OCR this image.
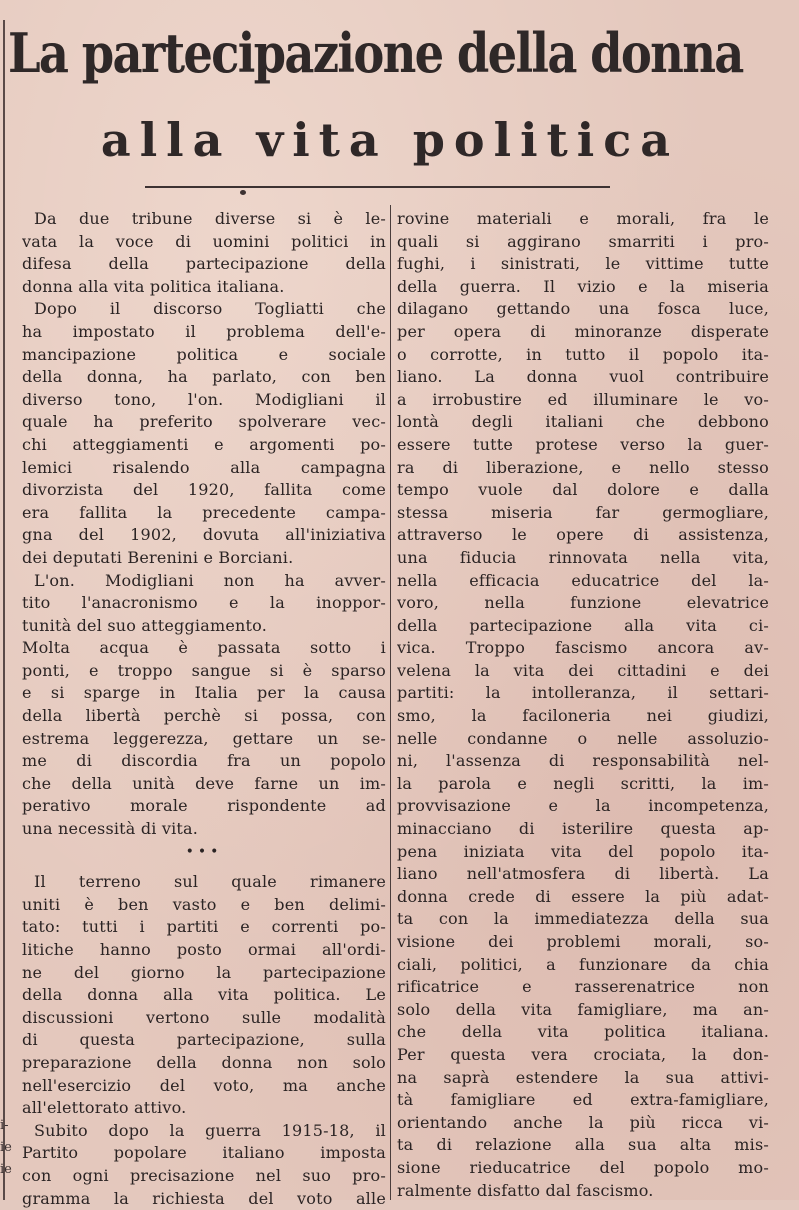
i-
ie
ie
La partecipazione della donna
alla vita politica
Da due tribune diverse si è le-
vata la voce di uomini politici in
difesa della partecipazione della
donna alla vita politica italiana.
Dopo il discorso Togliatti che
ha impostato il problema dell'e-
mancipazione politica e sociale
della donna, ha parlato, con ben
diverso tono, l'on. Modigliani il
quale ha preferito spolverare vec-
chi atteggiamenti e argomenti po-
lemici risalendo alla campagna
divorzista del 1920, fallita come
era fallita la precedente campa-
gna del 1902, dovuta all'iniziativa
dei deputati Berenini e Borciani.
L'on. Modigliani non ha avver-
tito l'anacronismo e la inoppor-
tunità del suo atteggiamento.
Molta acqua è passata sotto i
ponti, e troppo sangue si è sparso
e si sparge in Italia per la causa
della libertà perchè si possa, con
estrema leggerezza, gettare un se-
me di discordia fra un popolo
che della unità deve farne un im-
perativo morale rispondente ad
una necessità di vita.
•••
Il terreno sul quale rimanere
uniti è ben vasto e ben delimi-
tato: tutti i partiti e correnti po-
litiche hanno posto ormai all'ordi-
ne del giorno la partecipazione
della donna alla vita politica. Le
discussioni vertono sulle modalità
di questa partecipazione, sulla
preparazione della donna non solo
nell'esercizio del voto, ma anche
all'elettorato attivo.
Subito dopo la guerra 1915-18, il
Partito popolare italiano imposta
con ogni precisazione nel suo pro-
gramma la richiesta del voto alle
rovine materiali e morali, fra le
quali si aggirano smarriti i pro-
fughi, i sinistrati, le vittime tutte
della guerra. Il vizio e la miseria
dilagano gettando una fosca luce,
per opera di minoranze disperate
o corrotte, in tutto il popolo ita-
liano. La donna vuol contribuire
a irrobustire ed illuminare le vo-
lontà degli italiani che debbono
essere tutte protese verso la guer-
ra di liberazione, e nello stesso
tempo vuole dal dolore e dalla
stessa miseria far germogliare,
attraverso le opere di assistenza,
una fiducia rinnovata nella vita,
nella efficacia educatrice del la-
voro, nella funzione elevatrice
della partecipazione alla vita ci-
vica. Troppo fascismo ancora av-
velena la vita dei cittadini e dei
partiti: la intolleranza, il settari-
smo, la faciloneria nei giudizi,
nelle condanne o nelle assoluzio-
ni, l'assenza di responsabilità nel-
la parola e negli scritti, la im-
provvisazione e la incompetenza,
minacciano di isterilire questa ap-
pena iniziata vita del popolo ita-
liano nell'atmosfera di libertà. La
donna crede di essere la più adat-
ta con la immediatezza della sua
visione dei problemi morali, so-
ciali, politici, a funzionare da chia
rificatrice e rasserenatrice non
solo della vita famigliare, ma an-
che della vita politica italiana.
Per questa vera crociata, la don-
na saprà estendere la sua attivi-
tà famigliare ed extra-famigliare,
orientando anche la più ricca vi-
ta di relazione alla sua alta mis-
sione rieducatrice del popolo mo-
ralmente disfatto dal fascismo.
